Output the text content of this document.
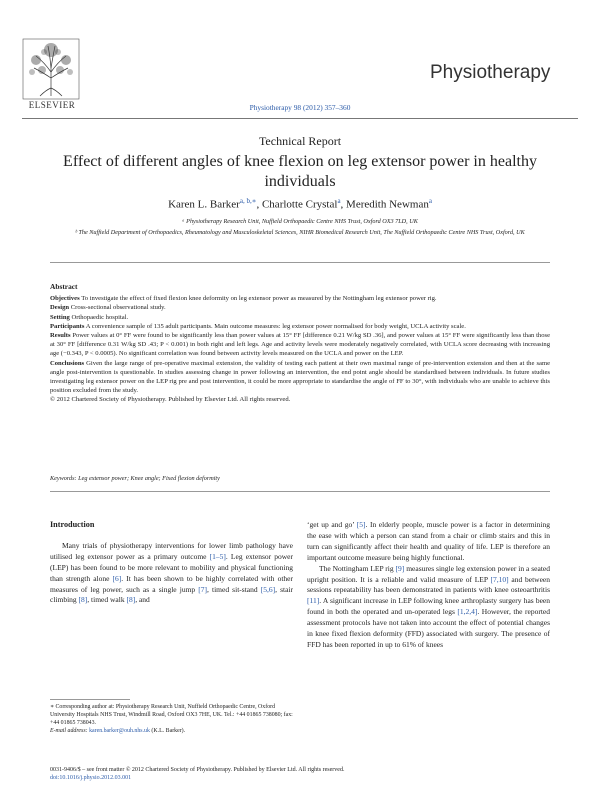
ELSEVIER
Physiotherapy
Physiotherapy 98 (2012) 357–360
Technical Report
Effect of different angles of knee flexion on leg extensor power in healthy individuals
Karen L. Barker$^{a, b,∗}$, Charlotte Crystal$^a$, Meredith Newman$^a$
ᵃ Physiotherapy Research Unit, Nuffield Orthopaedic Centre NHS Trust, Oxford OX3 7LD, UK
ᵇ The Nuffield Department of Orthopaedics, Rheumatology and Musculoskeletal Sciences, NIHR Biomedical Research Unit, The Nuffield Orthopaedic Centre NHS Trust, Oxford, UK

Abstract

Objectives To investigate the effect of fixed flexion knee deformity on leg extensor power as measured by the Nottingham leg extensor power rig.

Design Cross-sectional observational study.

Setting Orthopaedic hospital.

Participants A convenience sample of 135 adult participants. Main outcome measures: leg extensor power normalised for body weight, UCLA activity scale.

Results Power values at 0° FF were found to be significantly less than power values at 15° FF [difference 0.21 W/kg SD .36], and power values at 15° FF were significantly less than those at 30° FF [difference 0.31 W/kg SD .43; P < 0.001) in both right and left legs. Age and activity levels were moderately negatively correlated, with UCLA score decreasing with increasing age (−0.343, P < 0.0005). No significant correlation was found between activity levels measured on the UCLA and power on the LEP.

Conclusions Given the large range of pre-operative maximal extension, the validity of testing each patient at their own maximal range of pre-intervention extension and then at the same angle post-intervention is questionable. In studies assessing change in power following an intervention, the end point angle should be standardised between individuals. In future studies investigating leg extensor power on the LEP rig pre and post intervention, it could be more appropriate to standardise the angle of FF to 30°, with individuals who are unable to achieve this position excluded from the study.

© 2012 Chartered Society of Physiotherapy. Published by Elsevier Ltd. All rights reserved.

Keywords: Leg extensor power; Knee angle; Fixed flexion deformity

Introduction

Many trials of physiotherapy interventions for lower limb pathology have utilised leg extensor power as a primary outcome [1–5]. Leg extensor power (LEP) has been found to be more relevant to mobility and physical functioning than strength alone [6]. It has been shown to be highly correlated with other measures of leg power, such as a single jump [7], timed sit-stand [5,6], stair climbing [8], timed walk [8], and

‘get up and go’ [5]. In elderly people, muscle power is a factor in determining the ease with which a person can stand from a chair or climb stairs and this in turn can significantly affect their health and quality of life. LEP is therefore an important outcome measure being highly functional.

The Nottingham LEP rig [9] measures single leg extension power in a seated upright position. It is a reliable and valid measure of LEP [7,10] and between sessions repeatability has been demonstrated in patients with knee osteoarthritis [11]. A significant increase in LEP following knee arthroplasty surgery has been found in both the operated and un-operated legs [1,2,4]. However, the reported assessment protocols have not taken into account the effect of potential changes in knee fixed flexion deformity (FFD) associated with surgery. The presence of FFD has been reported in up to 61% of knees

∗ Corresponding author at: Physiotherapy Research Unit, Nuffield Orthopaedic Centre, Oxford University Hospitals NHS Trust, Windmill Road, Oxford OX3 7HE, UK. Tel.: +44 01865 738080; fax: +44 01865 738043.

E-mail address: karen.barker@ouh.nhs.uk (K.L. Barker).

0031-9406/$ – see front matter © 2012 Chartered Society of Physiotherapy. Published by Elsevier Ltd. All rights reserved.

doi:10.1016/j.physio.2012.03.001
